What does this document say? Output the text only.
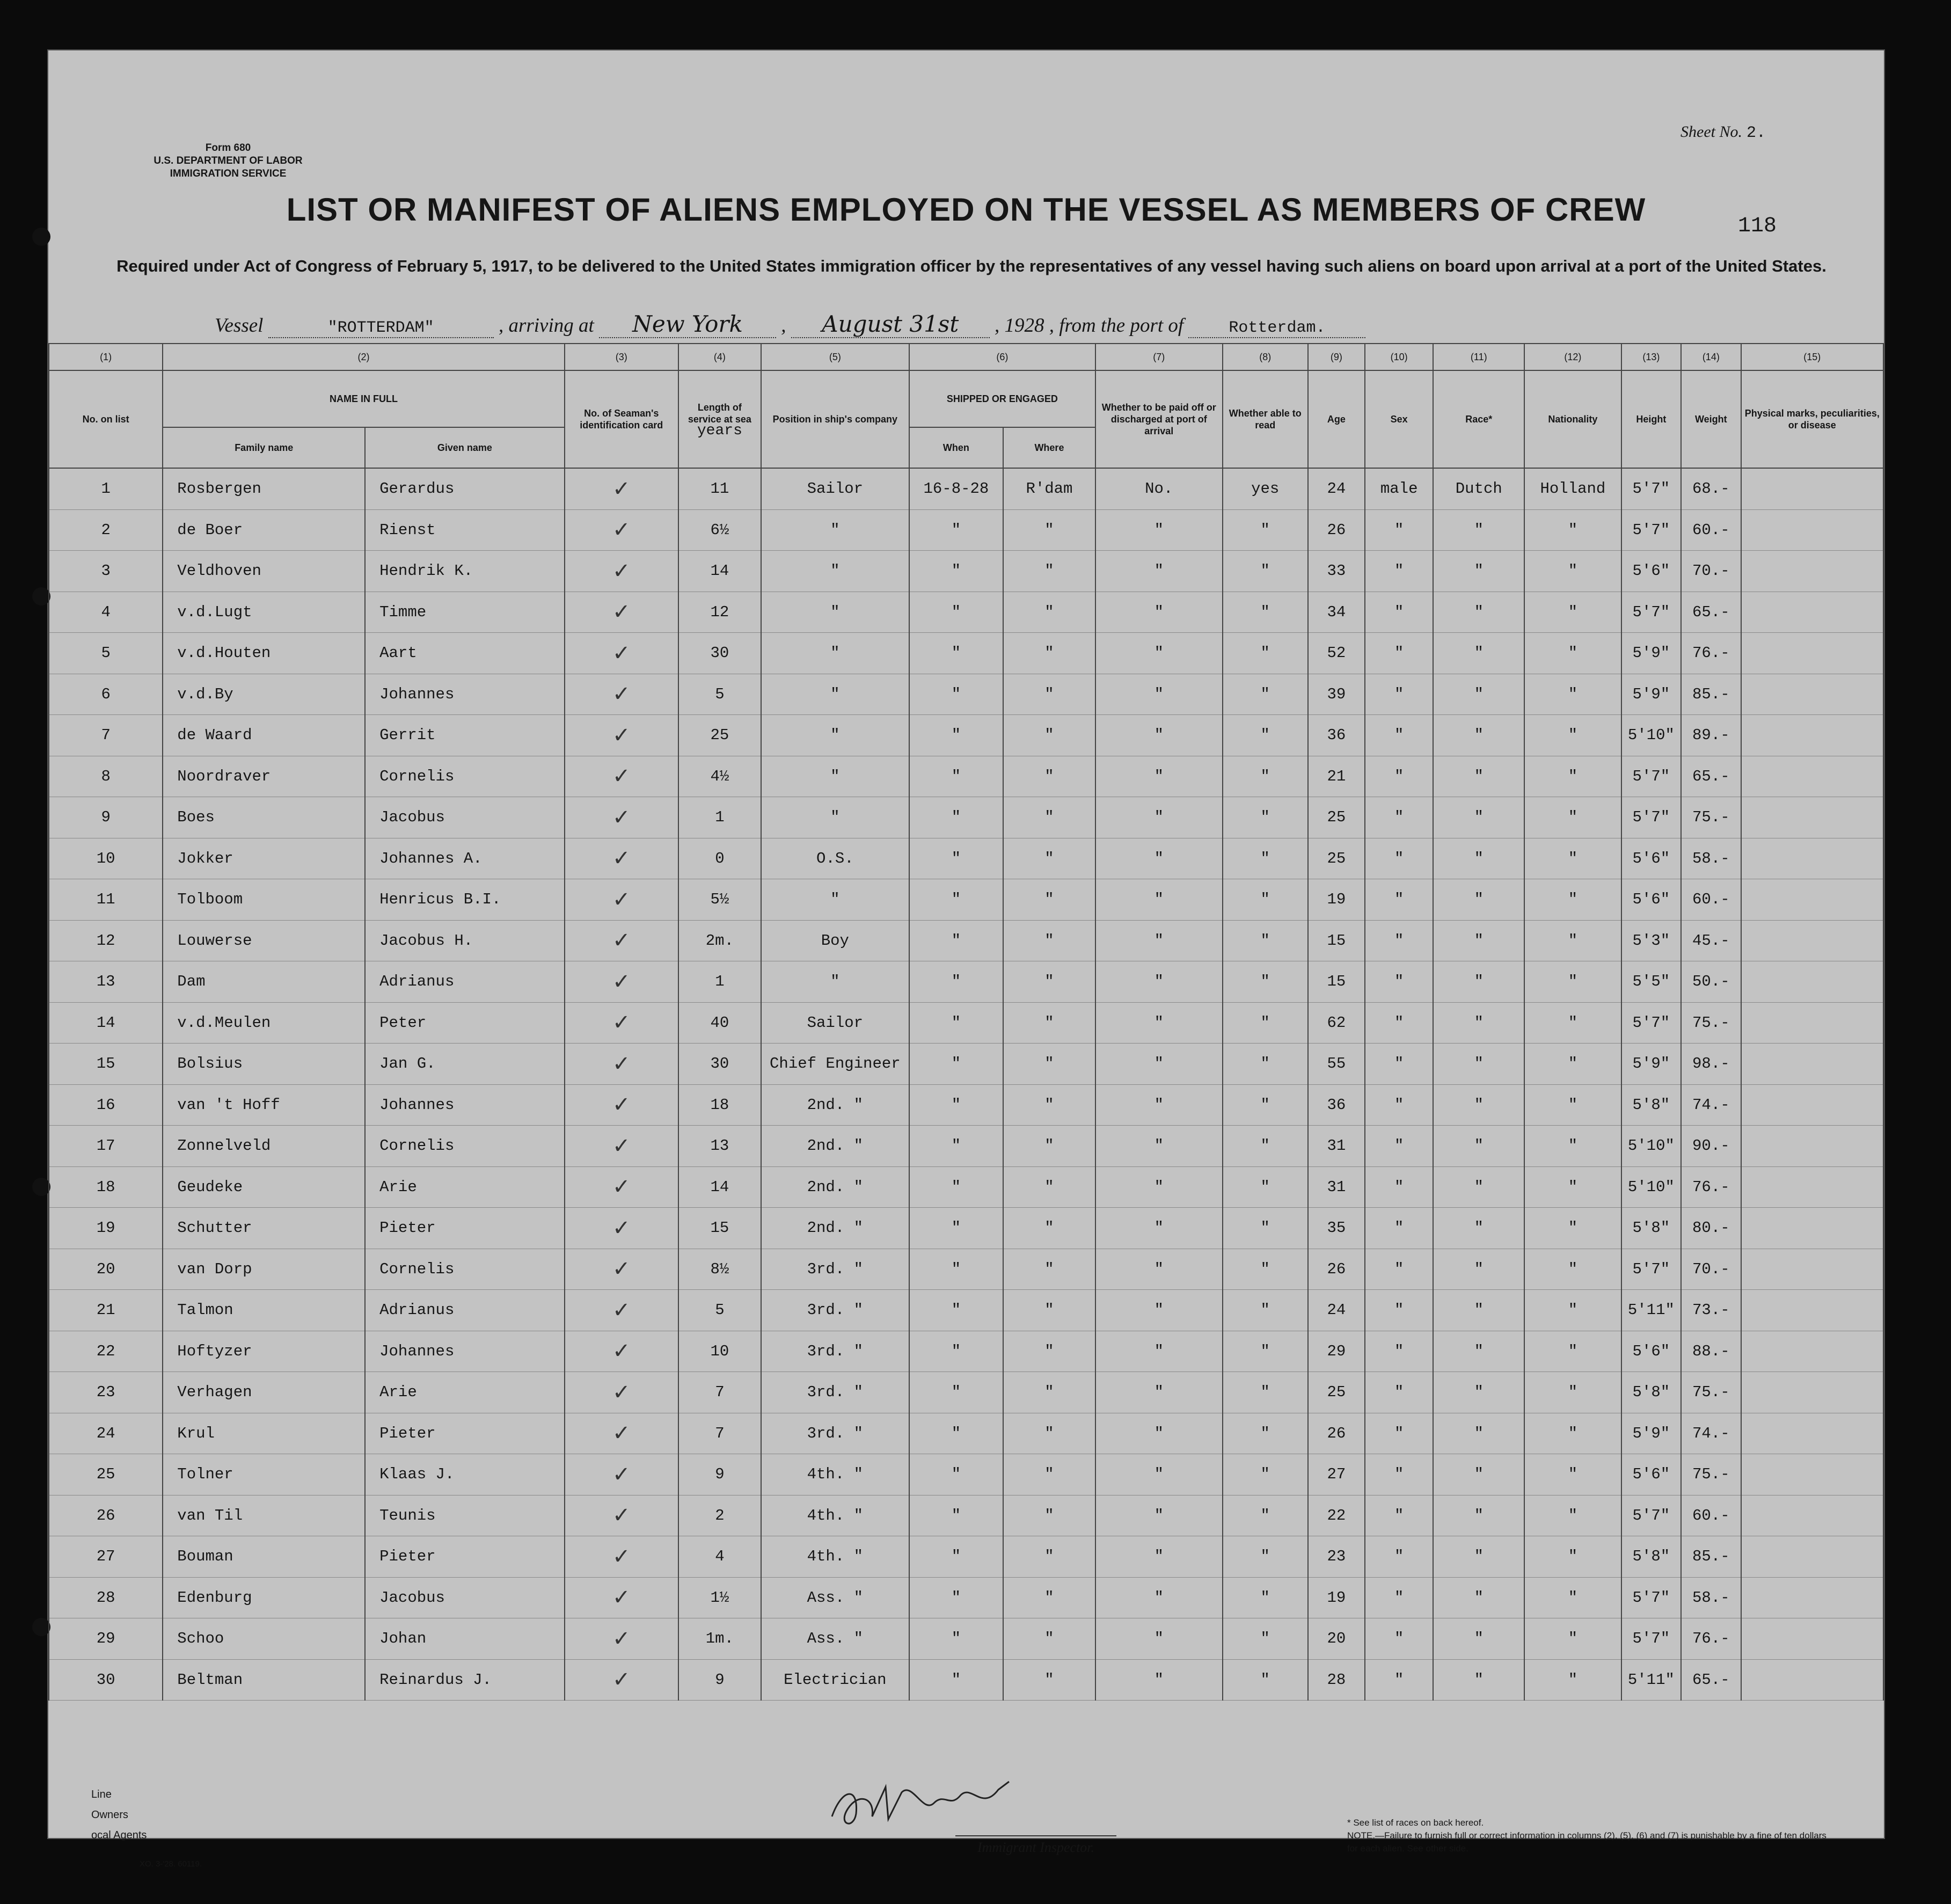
Form 680
U.S. DEPARTMENT OF LABOR
IMMIGRATION SERVICE
Sheet No. 2.
118
LIST OR MANIFEST OF ALIENS EMPLOYED ON THE VESSEL AS MEMBERS OF CREW
Required under Act of Congress of February 5, 1917, to be delivered to the United States immigration officer by the representatives of any vessel having such aliens on board upon arrival at a port of the United States.
Vessel	"ROTTERDAM"	, arriving at New York , August 31st , 1928 , from the port of	Rotterdam.
(1)	(2)		(3)	(4)	(5)	(6)		(7)	(8)	(9)	(10)	(11)	(12)	(13)	(14)	(15)
No. on list	NAME IN FULL		No. of Seaman's identification card	Length of service at sea
years	Position in ship's company	SHIPPED OR ENGAGED		Whether to be paid off or discharged at port of arrival	Whether able to read	Age	Sex	Race*	Nationality	Height	Weight	Physical marks, peculiarities, or disease
	Family name	Given name				When	Where									
1	Rosbergen	Gerardus	✓	11	Sailor	16-8-28	R'dam	No.	yes	24	male	Dutch	Holland	5'7"	68.-	
2	de Boer	Rienst	✓	6½	"	"	"	"	"	26	"	"	"	5'7"	60.-	
3	Veldhoven	Hendrik K.	✓	14	"	"	"	"	"	33	"	"	"	5'6"	70.-	
4	v.d.Lugt	Timme	✓	12	"	"	"	"	"	34	"	"	"	5'7"	65.-	
5	v.d.Houten	Aart	✓	30	"	"	"	"	"	52	"	"	"	5'9"	76.-	
6	v.d.By	Johannes	✓	5	"	"	"	"	"	39	"	"	"	5'9"	85.-	
7	de Waard	Gerrit	✓	25	"	"	"	"	"	36	"	"	"	5'10"	89.-	
8	Noordraver	Cornelis	✓	4½	"	"	"	"	"	21	"	"	"	5'7"	65.-	
9	Boes	Jacobus	✓	1	"	"	"	"	"	25	"	"	"	5'7"	75.-	
10	Jokker	Johannes A.	✓	0	O.S.	"	"	"	"	25	"	"	"	5'6"	58.-	
11	Tolboom	Henricus B.I.	✓	5½	"	"	"	"	"	19	"	"	"	5'6"	60.-	
12	Louwerse	Jacobus H.	✓	2m.	Boy	"	"	"	"	15	"	"	"	5'3"	45.-	
13	Dam	Adrianus	✓	1	"	"	"	"	"	15	"	"	"	5'5"	50.-	
14	v.d.Meulen	Peter	✓	40	Sailor	"	"	"	"	62	"	"	"	5'7"	75.-	
15	Bolsius	Jan G.	✓	30	Chief Engineer	"	"	"	"	55	"	"	"	5'9"	98.-	
16	van 't Hoff	Johannes	✓	18	2nd. "	"	"	"	"	36	"	"	"	5'8"	74.-	
17	Zonnelveld	Cornelis	✓	13	2nd. "	"	"	"	"	31	"	"	"	5'10"	90.-	
18	Geudeke	Arie	✓	14	2nd. "	"	"	"	"	31	"	"	"	5'10"	76.-	
19	Schutter	Pieter	✓	15	2nd. "	"	"	"	"	35	"	"	"	5'8"	80.-	
20	van Dorp	Cornelis	✓	8½	3rd. "	"	"	"	"	26	"	"	"	5'7"	70.-	
21	Talmon	Adrianus	✓	5	3rd. "	"	"	"	"	24	"	"	"	5'11"	73.-	
22	Hoftyzer	Johannes	✓	10	3rd. "	"	"	"	"	29	"	"	"	5'6"	88.-	
23	Verhagen	Arie	✓	7	3rd. "	"	"	"	"	25	"	"	"	5'8"	75.-	
24	Krul	Pieter	✓	7	3rd. "	"	"	"	"	26	"	"	"	5'9"	74.-	
25	Tolner	Klaas J.	✓	9	4th. "	"	"	"	"	27	"	"	"	5'6"	75.-	
26	van Til	Teunis	✓	2	4th. "	"	"	"	"	22	"	"	"	5'7"	60.-	
27	Bouman	Pieter	✓	4	4th. "	"	"	"	"	23	"	"	"	5'8"	85.-	
28	Edenburg	Jacobus	✓	1½	Ass. "	"	"	"	"	19	"	"	"	5'7"	58.-	
29	Schoo	Johan	✓	1m.	Ass. "	"	"	"	"	20	"	"	"	5'7"	76.-	
30	Beltman	Reinardus J.	✓	9	Electrician	"	"	"	"	28	"	"	"	5'11"	65.-	
Line
Owners
ocal Agents
XO. 3-'28. 60119.
Immigrant Inspector.
* See list of races on back hereof.
NOTE.—Failure to furnish full or correct information in columns (2), (5), (6) and (7) is punishable by a fine of ten dollars for each alien. See other side.
